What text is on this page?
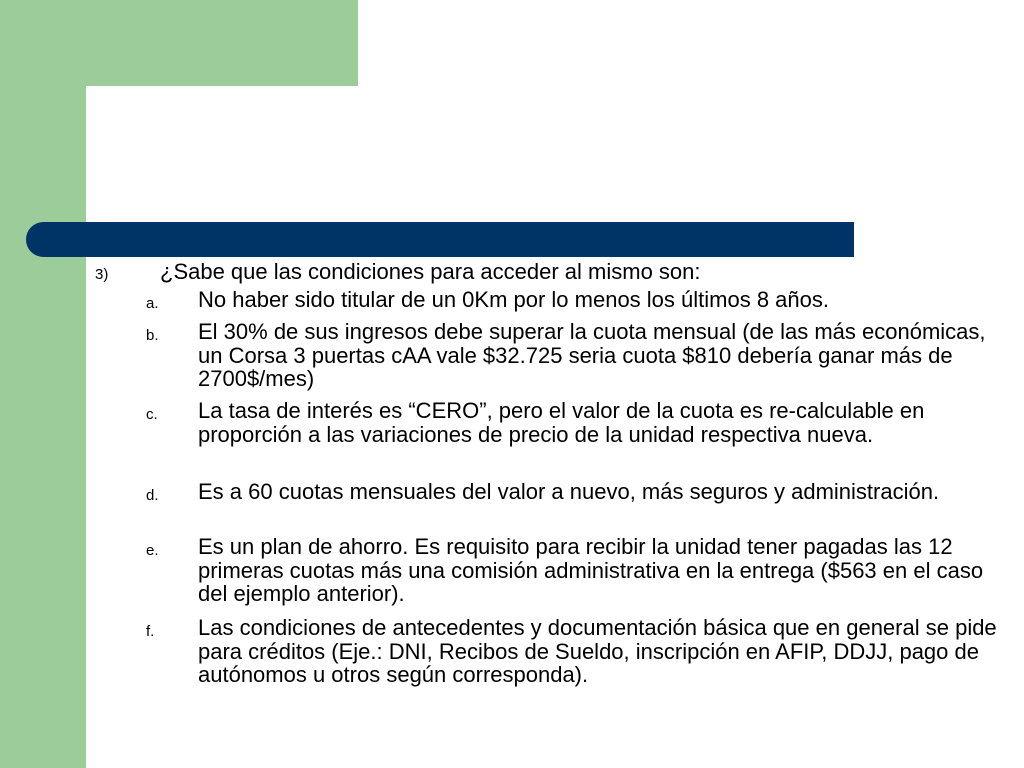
3) ¿Sabe que las condiciones para acceder al mismo son:
a. No haber sido titular de un 0Km por lo menos los últimos 8 años.
b. El 30% de sus ingresos debe superar la cuota mensual (de las más económicas, un Corsa 3 puertas cAA vale $32.725 seria cuota $810 debería ganar más de 2700$/mes)
c. La tasa de interés es “CERO”, pero el valor de la cuota es re-calculable en proporción a las variaciones de precio de la unidad respectiva nueva.
d. Es a 60 cuotas mensuales del valor a nuevo, más seguros y administración.
e. Es un plan de ahorro. Es requisito para recibir la unidad tener pagadas las 12 primeras cuotas más una comisión administrativa en la entrega ($563 en el caso del ejemplo anterior).
f. Las condiciones de antecedentes y documentación básica que en general se pide para créditos (Eje.: DNI, Recibos de Sueldo, inscripción en AFIP, DDJJ, pago de autónomos u otros según corresponda).
